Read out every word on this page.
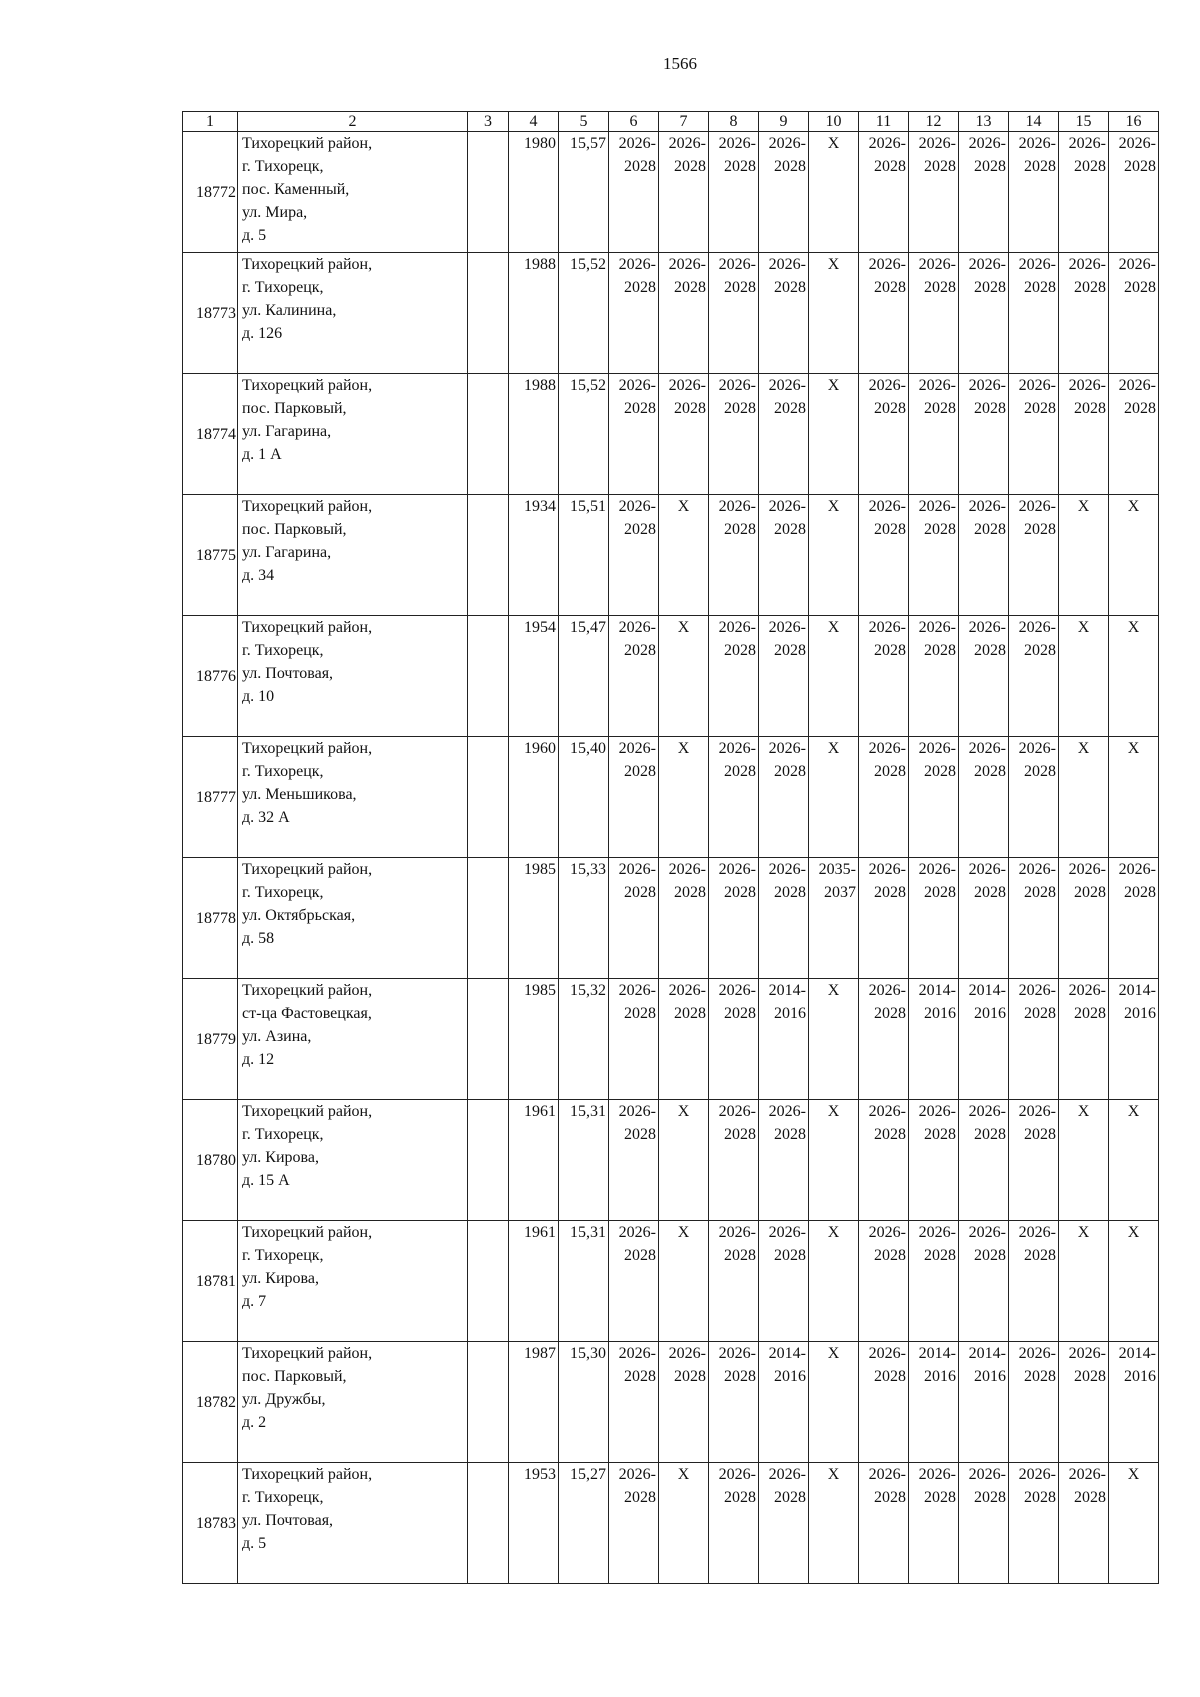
1566
1	2	3	4	5	6	7	8	9	10	11	12	13	14	15	16
18772	Тихорецкий район,
г. Тихорецк,
пос. Каменный,
ул. Мира,
д. 5		1980	15,57	2026-
2028	2026-
2028	2026-
2028	2026-
2028	X	2026-
2028	2026-
2028	2026-
2028	2026-
2028	2026-
2028	2026-
2028

18773	Тихорецкий район,
г. Тихорецк,
ул. Калинина,
д. 126		1988	15,52	2026-
2028	2026-
2028	2026-
2028	2026-
2028	X	2026-
2028	2026-
2028	2026-
2028	2026-
2028	2026-
2028	2026-
2028

18774	Тихорецкий район,
пос. Парковый,
ул. Гагарина,
д. 1 А		1988	15,52	2026-
2028	2026-
2028	2026-
2028	2026-
2028	X	2026-
2028	2026-
2028	2026-
2028	2026-
2028	2026-
2028	2026-
2028

18775	Тихорецкий район,
пос. Парковый,
ул. Гагарина,
д. 34		1934	15,51	2026-
2028	X	2026-
2028	2026-
2028	X	2026-
2028	2026-
2028	2026-
2028	2026-
2028	X	X

18776	Тихорецкий район,
г. Тихорецк,
ул. Почтовая,
д. 10		1954	15,47	2026-
2028	X	2026-
2028	2026-
2028	X	2026-
2028	2026-
2028	2026-
2028	2026-
2028	X	X

18777	Тихорецкий район,
г. Тихорецк,
ул. Меньшикова,
д. 32 А		1960	15,40	2026-
2028	X	2026-
2028	2026-
2028	X	2026-
2028	2026-
2028	2026-
2028	2026-
2028	X	X

18778	Тихорецкий район,
г. Тихорецк,
ул. Октябрьская,
д. 58		1985	15,33	2026-
2028	2026-
2028	2026-
2028	2026-
2028	2035-
2037	2026-
2028	2026-
2028	2026-
2028	2026-
2028	2026-
2028	2026-
2028

18779	Тихорецкий район,
ст-ца Фастовецкая,
ул. Азина,
д. 12		1985	15,32	2026-
2028	2026-
2028	2026-
2028	2014-
2016	X	2026-
2028	2014-
2016	2014-
2016	2026-
2028	2026-
2028	2014-
2016

18780	Тихорецкий район,
г. Тихорецк,
ул. Кирова,
д. 15 А		1961	15,31	2026-
2028	X	2026-
2028	2026-
2028	X	2026-
2028	2026-
2028	2026-
2028	2026-
2028	X	X

18781	Тихорецкий район,
г. Тихорецк,
ул. Кирова,
д. 7		1961	15,31	2026-
2028	X	2026-
2028	2026-
2028	X	2026-
2028	2026-
2028	2026-
2028	2026-
2028	X	X

18782	Тихорецкий район,
пос. Парковый,
ул. Дружбы,
д. 2		1987	15,30	2026-
2028	2026-
2028	2026-
2028	2014-
2016	X	2026-
2028	2014-
2016	2014-
2016	2026-
2028	2026-
2028	2014-
2016

18783	Тихорецкий район,
г. Тихорецк,
ул. Почтовая,
д. 5		1953	15,27	2026-
2028	X	2026-
2028	2026-
2028	X	2026-
2028	2026-
2028	2026-
2028	2026-
2028	2026-
2028	X
